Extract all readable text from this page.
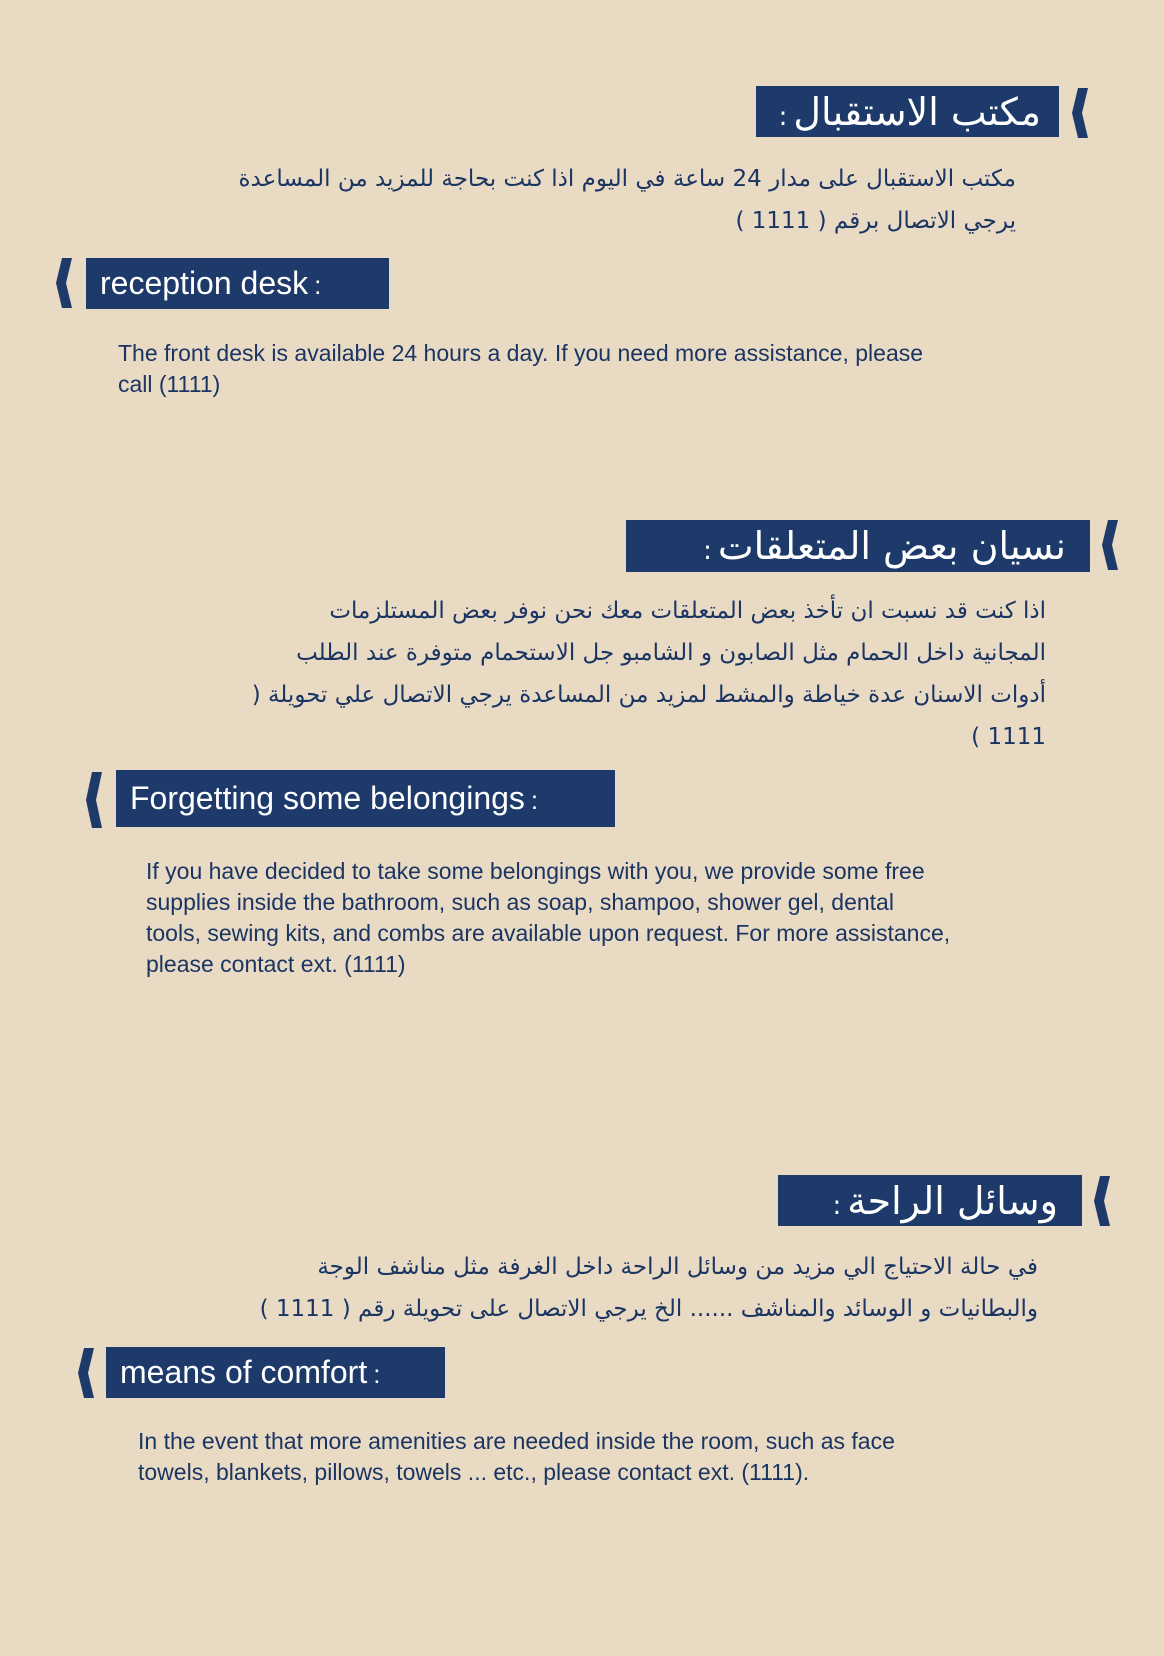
مكتب الاستقبال:

مكتب الاستقبال على مدار 24 ساعة في اليوم اذا كنت بحاجة للمزيد من المساعدة

يرجي الاتصال برقم ( 1111 )

reception desk :

The front desk is available 24 hours a day. If you need more assistance, please

call (1111)

نسيان بعض المتعلقات:

اذا كنت قد نسبت ان تأخذ بعض المتعلقات معك نحن نوفر بعض المستلزمات

المجانية داخل الحمام مثل الصابون و الشامبو جل الاستحمام متوفرة عند الطلب

أدوات الاسنان عدة خياطة والمشط لمزيد من المساعدة يرجي الاتصال علي تحويلة (

1111 )

Forgetting some belongings :

If you have decided to take some belongings with you, we provide some free

supplies inside the bathroom, such as soap, shampoo, shower gel, dental

tools, sewing kits, and combs are available upon request. For more assistance,

please contact ext. (1111)

وسائل الراحة:

في حالة الاحتياج الي مزيد من وسائل الراحة داخل الغرفة مثل مناشف الوجة

والبطانيات و الوسائد والمناشف ...... الخ يرجي الاتصال على تحويلة رقم ( 1111 )

means of comfort :

In the event that more amenities are needed inside the room, such as face

towels, blankets, pillows, towels ... etc., please contact ext. (1111).
